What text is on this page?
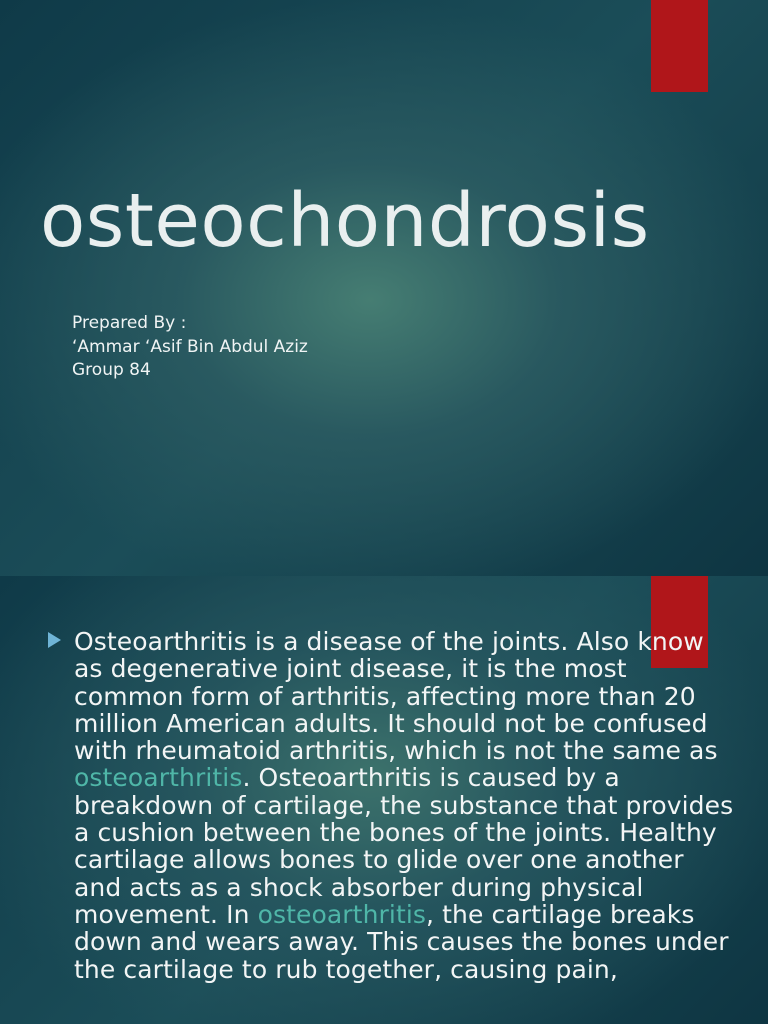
osteochondrosis
Prepared By :
‘Ammar ‘Asif Bin Abdul Aziz
Group 84

Osteoarthritis is a disease of the joints. Also know as degenerative joint disease, it is the most common form of arthritis, affecting more than 20 million American adults. It should not be confused with rheumatoid arthritis, which is not the same as osteoarthritis. Osteoarthritis is caused by a breakdown of cartilage, the substance that provides a cushion between the bones of the joints. Healthy cartilage allows bones to glide over one another and acts as a shock absorber during physical movement. In osteoarthritis, the cartilage breaks down and wears away. This causes the bones under the cartilage to rub together, causing pain,
